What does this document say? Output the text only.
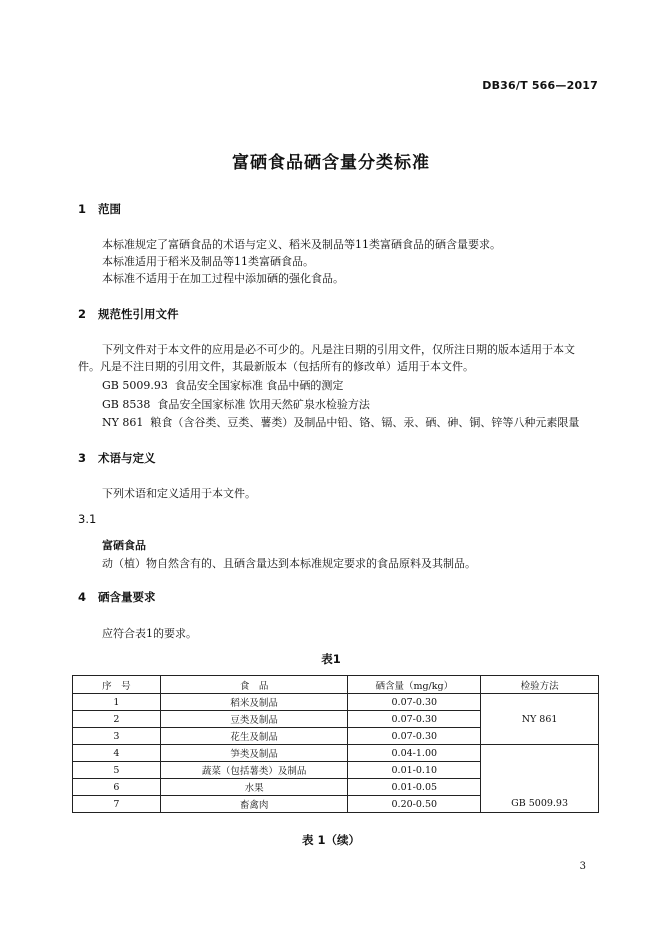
DB36/T 566—2017
富硒食品硒含量分类标准
1 范围
本标准规定了富硒食品的术语与定义、稻米及制品等11类富硒食品的硒含量要求。
本标准适用于稻米及制品等11类富硒食品。
本标准不适用于在加工过程中添加硒的强化食品。
2 规范性引用文件
下列文件对于本文件的应用是必不可少的。凡是注日期的引用文件，仅所注日期的版本适用于本文
件。凡是不注日期的引用文件，其最新版本（包括所有的修改单）适用于本文件。
GB 5009.93  食品安全国家标准 食品中硒的测定
GB 8538  食品安全国家标准 饮用天然矿泉水检验方法
NY 861  粮食（含谷类、豆类、薯类）及制品中铅、铬、镉、汞、硒、砷、铜、锌等八种元素限量
3 术语与定义
下列术语和定义适用于本文件。
3.1
富硒食品
动（植）物自然含有的、且硒含量达到本标准规定要求的食品原料及其制品。
4 硒含量要求
应符合表1的要求。
表1
序　号	食　品	硒含量（mg/kg）	检验方法
1	稻米及制品	0.07-0.30	NY 861
2	豆类及制品	0.07-0.30	
3	花生及制品	0.07-0.30	
4	笋类及制品	0.04-1.00	GB 5009.93
5	蔬菜（包括薯类）及制品	0.01-0.10	
6	水果	0.01-0.05	
7	畜禽肉	0.20-0.50	
表 1（续）
3
